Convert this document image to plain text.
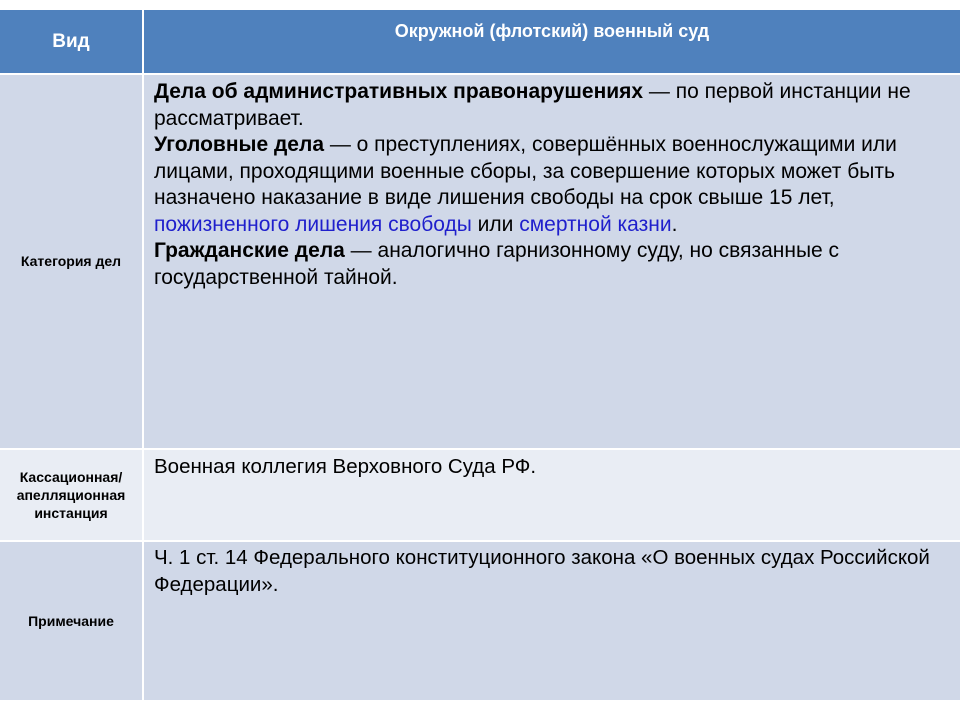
Вид	Окружной (флотский) военный суд
Категория дел
Дела об административных правонарушениях — по первой инстанции не рассматривает.
Уголовные дела — о преступлениях, совершённых военнослужащими или лицами, проходящими военные сборы, за совершение которых может быть назначено наказание в виде лишения свободы на срок свыше 15 лет,
пожизненного лишения свободы или смертной казни.
Гражданские дела — аналогично гарнизонному суду, но связанные с государственной тайной.
Кассационная/ апелляционная инстанция
Военная коллегия Верховного Суда РФ.
Примечание
Ч. 1 ст. 14 Федерального конституционного закона «О военных судах Российской Федерации».
